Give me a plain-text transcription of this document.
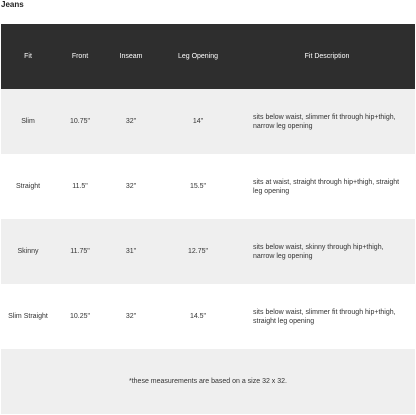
Jeans
Fit	Front	Inseam	Leg Opening	Fit Description
Slim	10.75"	32"	14"	sits below waist, slimmer fit through hip+thigh, narrow leg opening
Straight	11.5"	32"	15.5"	sits at waist, straight through hip+thigh, straight leg opening
Skinny	11.75"	31"	12.75"	sits below waist, skinny through hip+thigh, narrow leg opening
Slim Straight	10.25"	32"	14.5"	sits below waist, slimmer fit through hip+thigh, straight leg opening
*these measurements are based on a size 32 x 32.				
